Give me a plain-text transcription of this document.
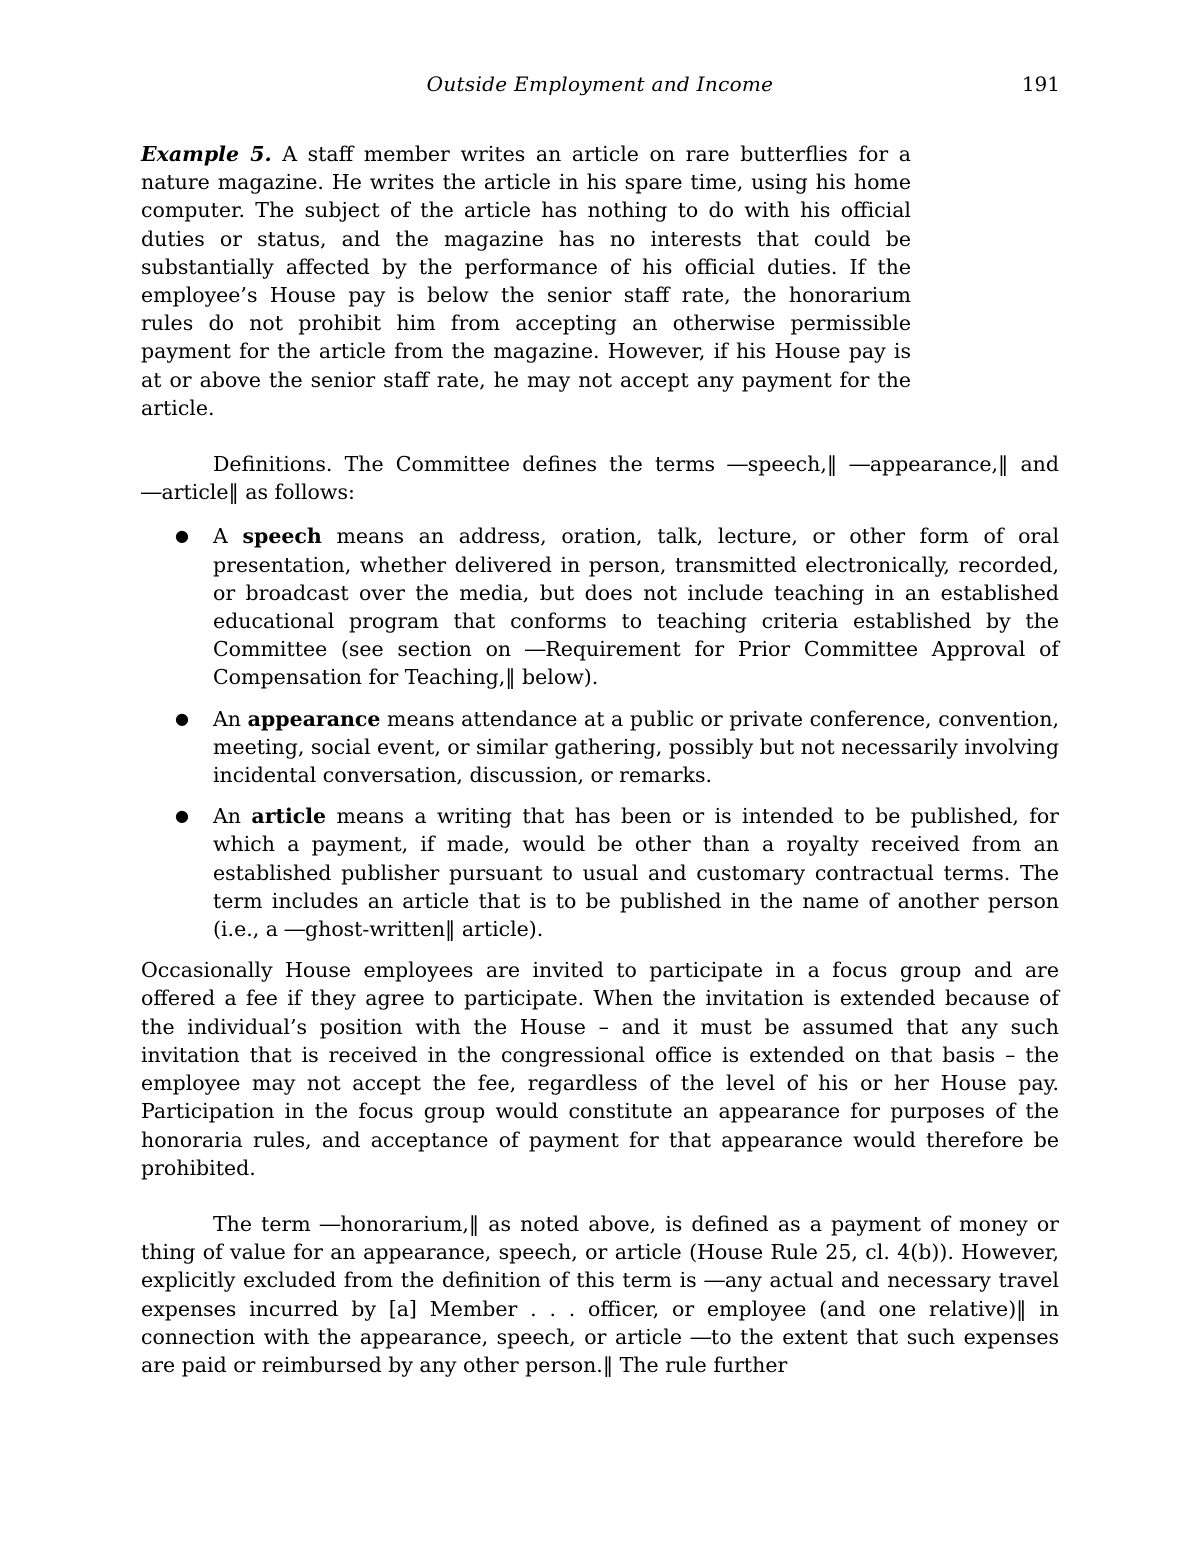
Outside Employment and Income	191

Example 5. A staff member writes an article on rare butterflies for a nature magazine. He writes the article in his spare time, using his home computer. The subject of the article has nothing to do with his official duties or status, and the magazine has no interests that could be substantially affected by the performance of his official duties. If the employee’s House pay is below the senior staff rate, the honorarium rules do not prohibit him from accepting an otherwise permissible payment for the article from the magazine. However, if his House pay is at or above the senior staff rate, he may not accept any payment for the article.

Definitions. The Committee defines the terms ―speech,‖ ―appearance,‖ and ―article‖ as follows:

● A speech means an address, oration, talk, lecture, or other form of oral presentation, whether delivered in person, transmitted electronically, recorded, or broadcast over the media, but does not include teaching in an established educational program that conforms to teaching criteria established by the Committee (see section on ―Requirement for Prior Committee Approval of Compensation for Teaching,‖ below).
● An appearance means attendance at a public or private conference, convention, meeting, social event, or similar gathering, possibly but not necessarily involving incidental conversation, discussion, or remarks.
● An article means a writing that has been or is intended to be published, for which a payment, if made, would be other than a royalty received from an established publisher pursuant to usual and customary contractual terms. The term includes an article that is to be published in the name of another person (i.e., a ―ghost-written‖ article).

Occasionally House employees are invited to participate in a focus group and are offered a fee if they agree to participate. When the invitation is extended because of the individual’s position with the House – and it must be assumed that any such invitation that is received in the congressional office is extended on that basis – the employee may not accept the fee, regardless of the level of his or her House pay. Participation in the focus group would constitute an appearance for purposes of the honoraria rules, and acceptance of payment for that appearance would therefore be prohibited.

The term ―honorarium,‖ as noted above, is defined as a payment of money or thing of value for an appearance, speech, or article (House Rule 25, cl. 4(b)). However, explicitly excluded from the definition of this term is ―any actual and necessary travel expenses incurred by [a] Member . . . officer, or employee (and one relative)‖ in connection with the appearance, speech, or article ―to the extent that such expenses are paid or reimbursed by any other person.‖ The rule further
